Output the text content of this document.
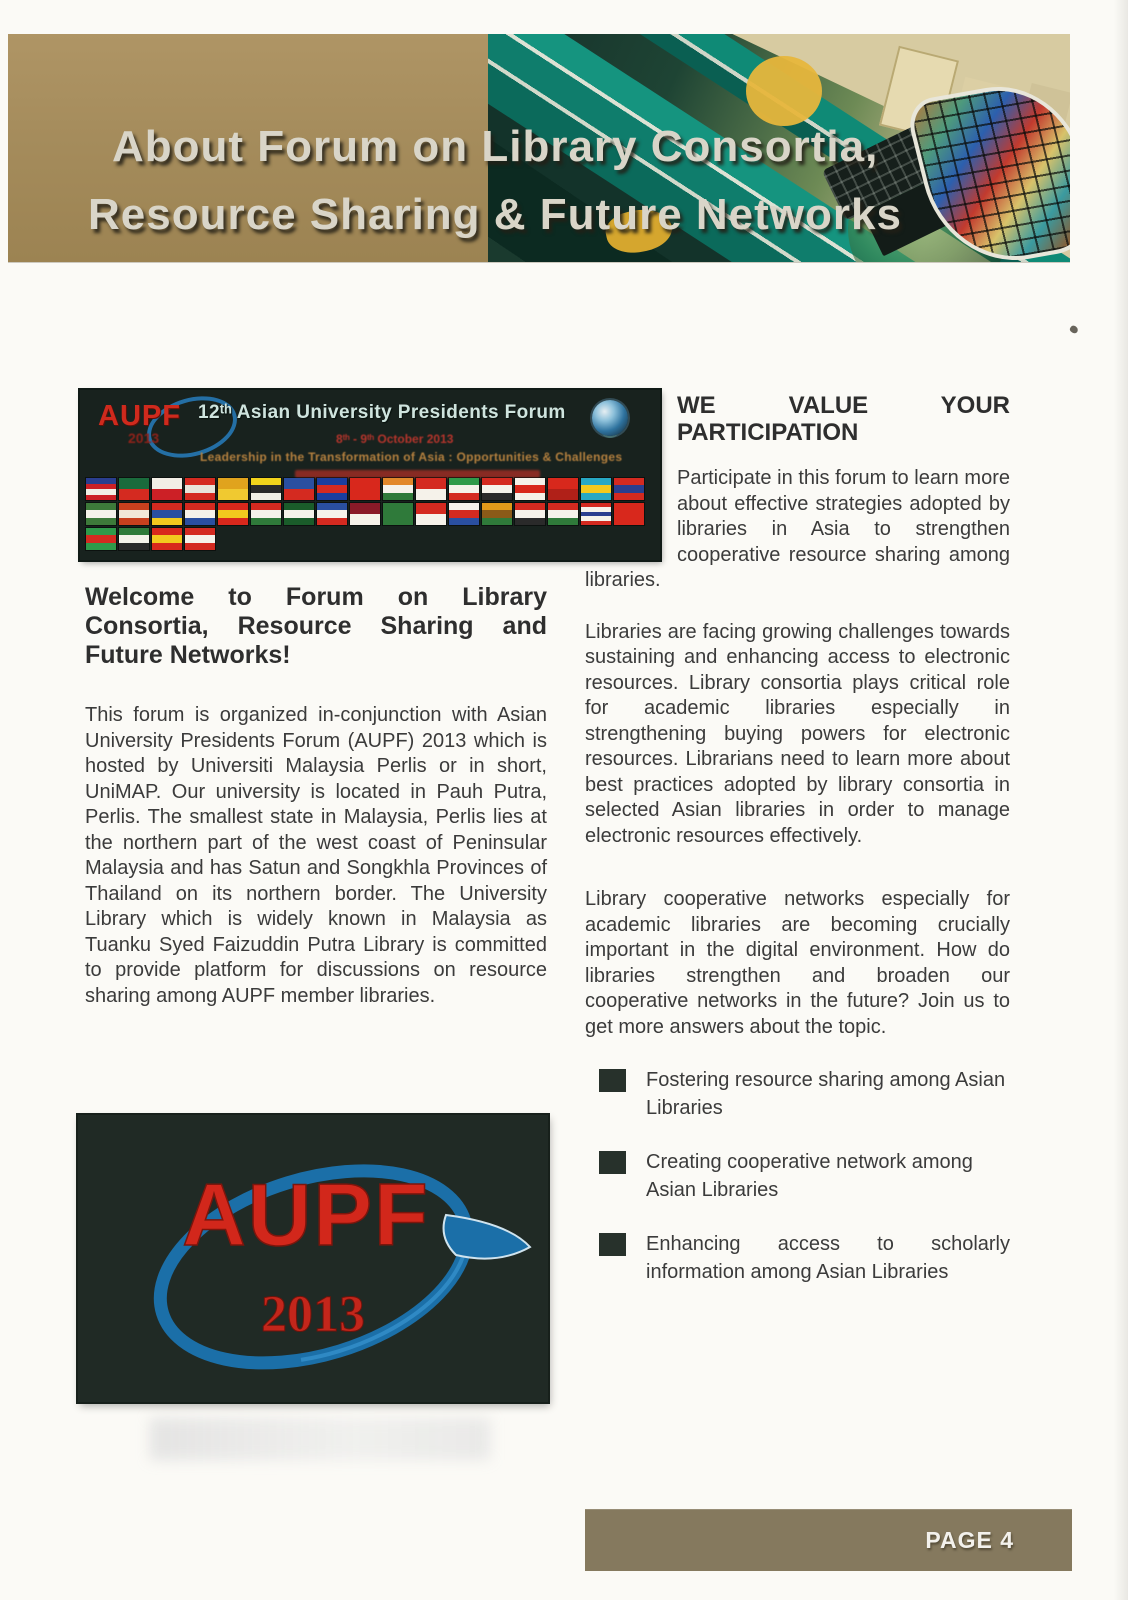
About Forum on Library Consortia,
Resource Sharing & Future Networks
AUPF
2013
12ᵗʰ Asian University Presidents Forum
8ᵗʰ - 9ᵗʰ October 2013
Leadership in the Transformation of Asia : Opportunities & Challenges
Welcome to Forum on Library
Consortia, Resource Sharing and
Future Networks!
This forum is organized in-conjunction with Asian University Presidents Forum (AUPF) 2013 which is hosted by Universiti Malaysia Perlis or in short, UniMAP. Our university is located in Pauh Putra, Perlis. The smallest state in Malaysia, Perlis lies at the northern part of the west coast of Peninsular Malaysia and has Satun and Songkhla Provinces of Thailand on its northern border. The University Library which is widely known in Malaysia as Tuanku Syed Faizuddin Putra Library is committed to provide platform for discussions on resource sharing among AUPF member libraries.
AUPF
2013
WE VALUE YOUR PARTICIPATION

Participate in this forum to learn more about effective strategies adopted by libraries in Asia to strengthen cooperative resource sharing among libraries.

Libraries are facing growing challenges towards sustaining and enhancing access to electronic resources. Library consortia plays critical role for academic libraries especially in strengthening buying powers for electronic resources. Librarians need to learn more about best practices adopted by library consortia in selected Asian libraries in order to manage electronic resources effectively.

Library cooperative networks especially for academic libraries are becoming crucially important in the digital environment. How do libraries strengthen and broaden our cooperative networks in the future? Join us to get more answers about the topic.

Fostering resource sharing among Asian Libraries
Creating cooperative network among Asian Libraries
Enhancing access to scholarly information among Asian Libraries
PAGE 4
